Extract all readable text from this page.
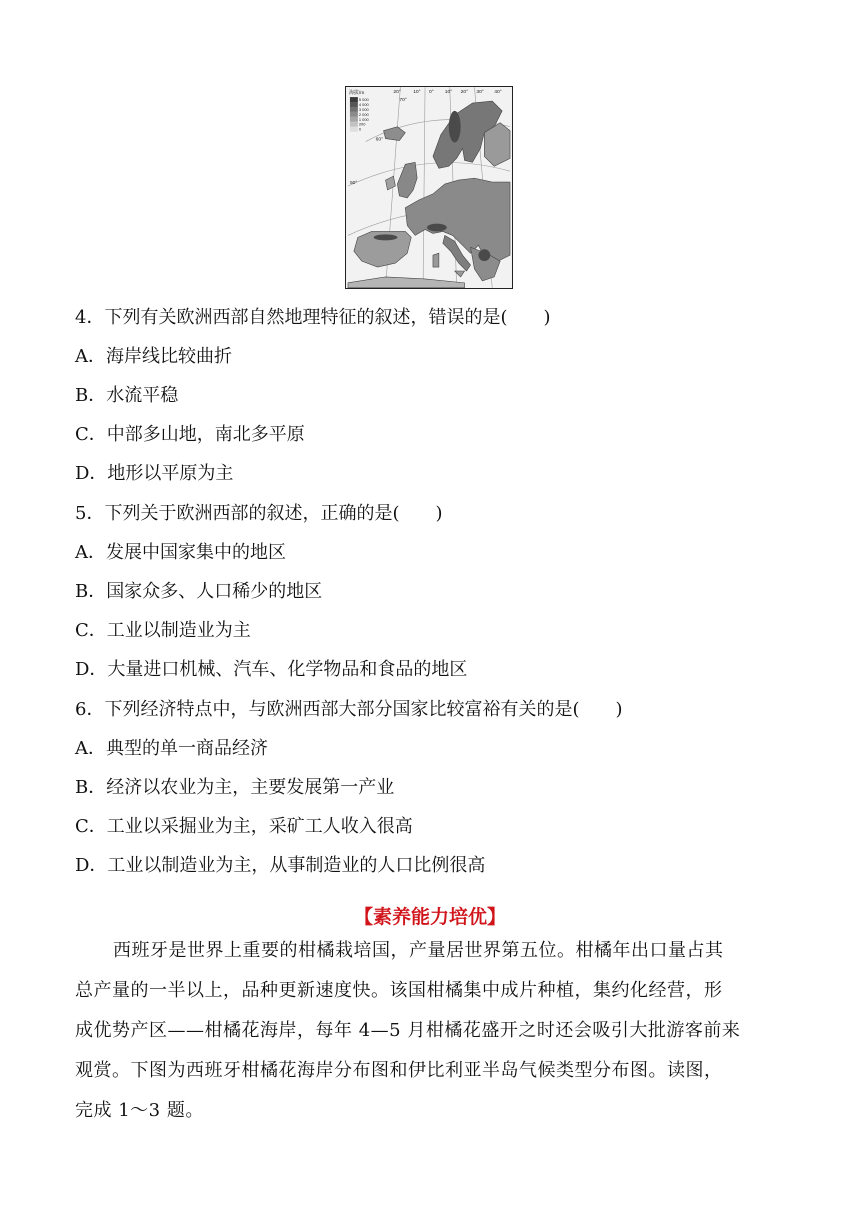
海拔/m
5 000
4 000
3 000
2 000
1 000
200
0
20° 10° 0° 10° 20° 30° 40°
70°
60°
50°
4．下列有关欧洲西部自然地理特征的叙述，错误的是(　　)
A．海岸线比较曲折
B．水流平稳
C．中部多山地，南北多平原
D．地形以平原为主
5．下列关于欧洲西部的叙述，正确的是(　　)
A．发展中国家集中的地区
B．国家众多、人口稀少的地区
C．工业以制造业为主
D．大量进口机械、汽车、化学物品和食品的地区
6．下列经济特点中，与欧洲西部大部分国家比较富裕有关的是(　　)
A．典型的单一商品经济
B．经济以农业为主，主要发展第一产业
C．工业以采掘业为主，采矿工人收入很高
D．工业以制造业为主，从事制造业的人口比例很高
【素养能力培优】
西班牙是世界上重要的柑橘栽培国，产量居世界第五位。柑橘年出口量占其
总产量的一半以上，品种更新速度快。该国柑橘集中成片种植，集约化经营，形
成优势产区——柑橘花海岸，每年 4—5 月柑橘花盛开之时还会吸引大批游客前来
观赏。下图为西班牙柑橘花海岸分布图和伊比利亚半岛气候类型分布图。读图，
完成 1～3 题。
